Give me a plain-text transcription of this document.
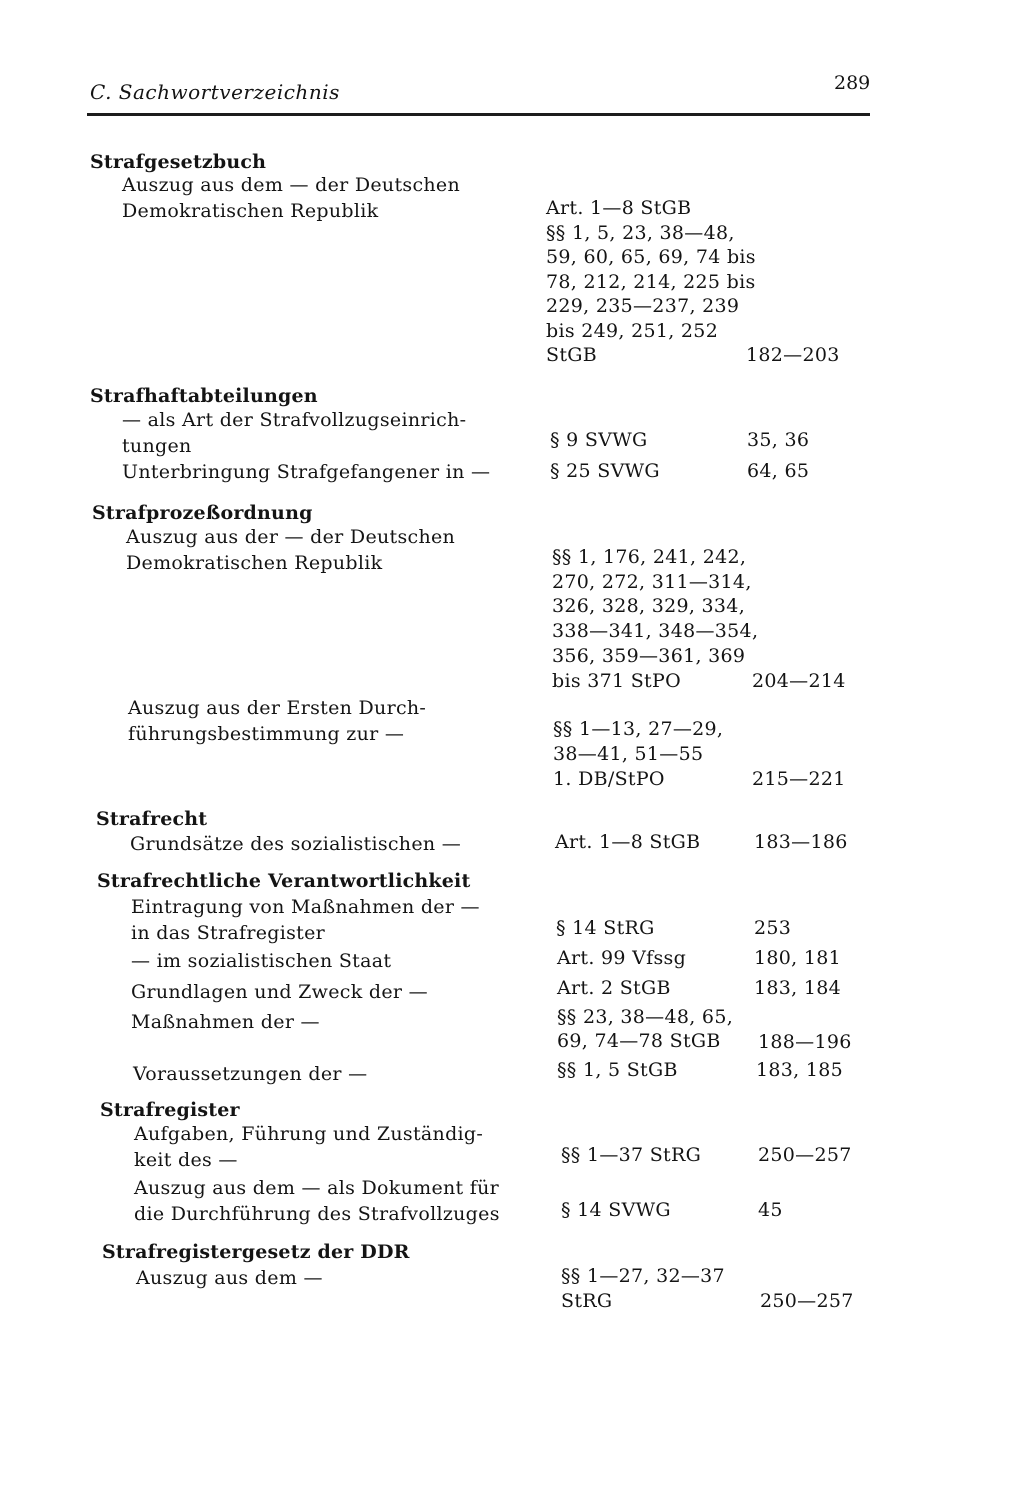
C. Sachwortverzeichnis	289
Strafgesetzbuch
Auszug aus dem — der Deutschen
Demokratischen Republik	Art. 1—8 StGB
§§ 1, 5, 23, 38—48,
59, 60, 65, 69, 74 bis
78, 212, 214, 225 bis
229, 235—237, 239
bis 249, 251, 252
StGB	182—203
Strafhaftabteilungen
— als Art der Strafvollzugseinrich-
tungen	§ 9 SVWG	35, 36
Unterbringung Strafgefangener in —	§ 25 SVWG	64, 65
Strafprozeßordnung
Auszug aus der — der Deutschen
Demokratischen Republik	§§ 1, 176, 241, 242,
270, 272, 311—314,
326, 328, 329, 334,
338—341, 348—354,
356, 359—361, 369
bis 371 StPO	204—214
Auszug aus der Ersten Durch-
führungsbestimmung zur —	§§ 1—13, 27—29,
38—41, 51—55
1. DB/StPO	215—221
Strafrecht
Grundsätze des sozialistischen —	Art. 1—8 StGB	183—186
Strafrechtliche Verantwortlichkeit
Eintragung von Maßnahmen der —
in das Strafregister	§ 14 StRG	253
— im sozialistischen Staat	Art. 99 Vfssg	180, 181
Grundlagen und Zweck der —	Art. 2 StGB	183, 184
Maßnahmen der —	§§ 23, 38—48, 65,
69, 74—78 StGB 188—196
Voraussetzungen der —	§§ 1, 5 StGB	183, 185
Strafregister
Aufgaben, Führung und Zuständig-
keit des —	§§ 1—37 StRG	250—257
Auszug aus dem — als Dokument für
die Durchführung des Strafvollzuges	§ 14 SVWG	45
Strafregistergesetz der DDR
Auszug aus dem —	§§ 1—27, 32—37
StRG	250—257
